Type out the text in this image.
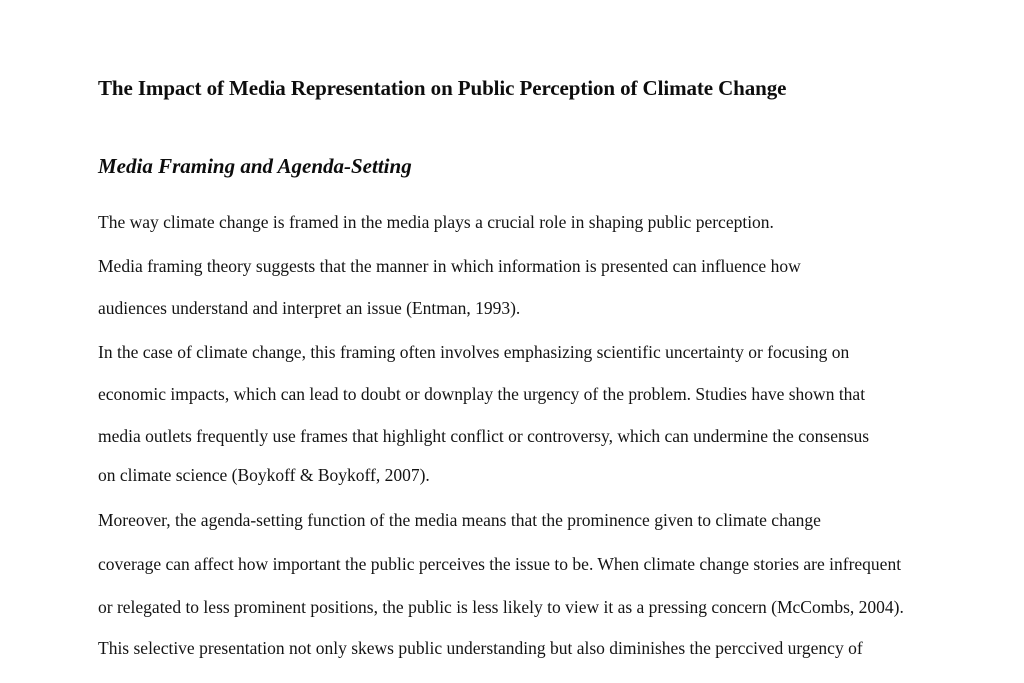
The Impact of Media Representation on Public Perception of Climate Change
Media Framing and Agenda-Setting

The way climate change is framed in the media plays a crucial role in shaping public perception.

Media framing theory suggests that the manner in which information is presented can influence how

audiences understand and interpret an issue (Entman, 1993).

In the case of climate change, this framing often involves emphasizing scientific uncertainty or focusing on

economic impacts, which can lead to doubt or downplay the urgency of the problem. Studies have shown that

media outlets frequently use frames that highlight conflict or controversy, which can undermine the consensus

on climate science (Boykoff & Boykoff, 2007).

Moreover, the agenda-setting function of the media means that the prominence given to climate change

coverage can affect how important the public perceives the issue to be. When climate change stories are infrequent

or relegated to less prominent positions, the public is less likely to view it as a pressing concern (McCombs, 2004).

This selective presentation not only skews public understanding but also diminishes the perccived urgency of
